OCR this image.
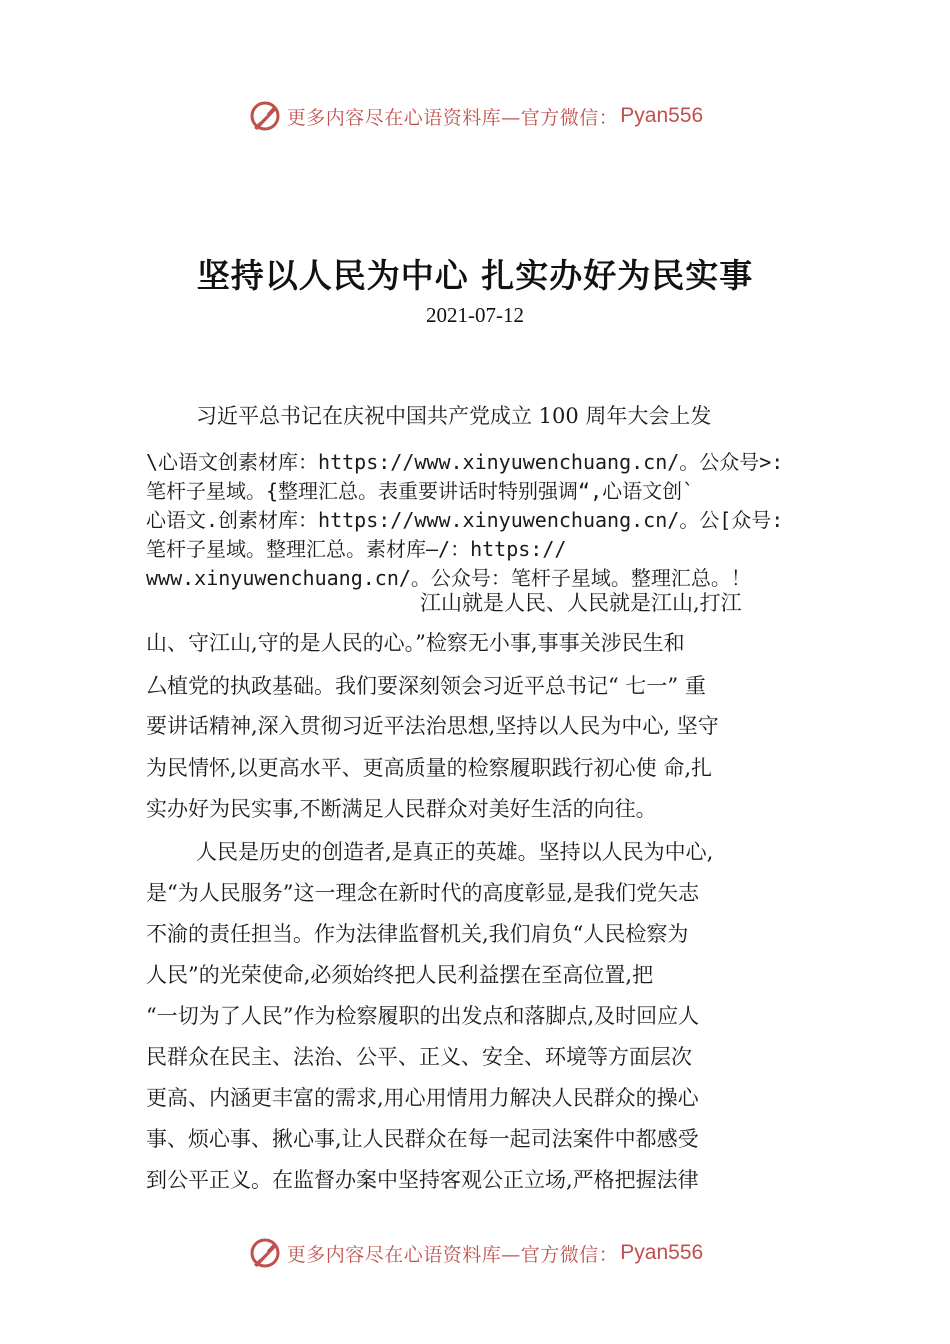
更多内容尽在心语资料库—官方微信： Pyan556
坚持以人民为中心 扎实办好为民实事
2021-07-12
习近平总书记在庆祝中国共产党成立 100 周年大会上发
\心语文创素材库：https://www.xinyuwenchuang.cn/。公众号>:
笔杆子星域。{整理汇总。表重要讲话时特别强调“,心语文创`
心语文.创素材库：https://www.xinyuwenchuang.cn/。公[众号:
笔杆子星域。整理汇总。素材库—/：https://
www.xinyuwenchuang.cn/。公众号：笔杆子星域。整理汇总。！
江山就是人民、人民就是江山,打江
山、守江山,守的是人民的心。”检察无小事,事事关涉民生和
厶植党的执政基础。我们要深刻领会习近平总书记“ 七一” 重
要讲话精神,深入贯彻习近平法治思想,坚持以人民为中心, 坚守
为民情怀,以更高水平、更高质量的检察履职践行初心使 命,扎
实办好为民实事,不断满足人民群众对美好生活的向往。
人民是历史的创造者,是真正的英雄。坚持以人民为中心,
是“为人民服务”这一理念在新时代的高度彰显,是我们党矢志
不渝的责任担当。作为法律监督机关,我们肩负“人民检察为
人民”的光荣使命,必须始终把人民利益摆在至高位置,把
“一切为了人民”作为检察履职的出发点和落脚点,及时回应人
民群众在民主、法治、公平、正义、安全、环境等方面层次
更高、内涵更丰富的需求,用心用情用力解决人民群众的操心
事、烦心事、揪心事,让人民群众在每一起司法案件中都感受
到公平正义。在监督办案中坚持客观公正立场,严格把握法律
更多内容尽在心语资料库—官方微信： Pyan556
